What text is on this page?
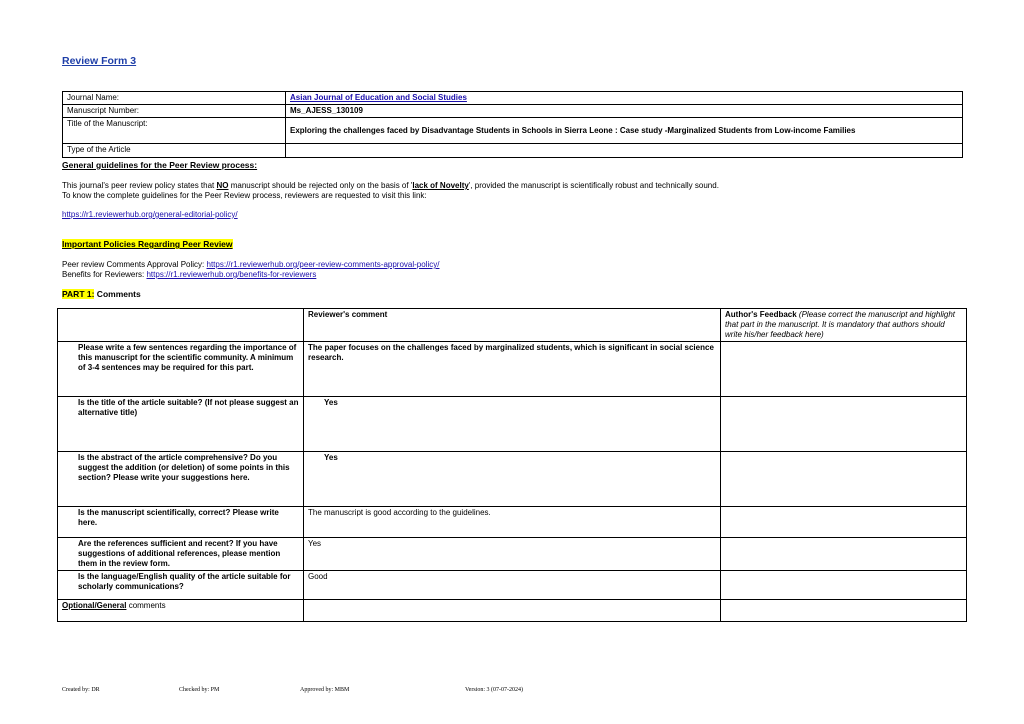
Review Form 3
Journal Name:	Asian Journal of Education and Social Studies
Manuscript Number:	Ms_AJESS_130109
Title of the Manuscript:	Exploring the challenges faced by Disadvantage Students in Schools in Sierra Leone : Case study -Marginalized Students from Low-income Families
Type of the Article	
General guidelines for the Peer Review process:
This journal's peer review policy states that NO manuscript should be rejected only on the basis of 'lack of Novelty', provided the manuscript is scientifically robust and technically sound.
To know the complete guidelines for the Peer Review process, reviewers are requested to visit this link:
https://r1.reviewerhub.org/general-editorial-policy/
Important Policies Regarding Peer Review
Peer review Comments Approval Policy: https://r1.reviewerhub.org/peer-review-comments-approval-policy/
Benefits for Reviewers: https://r1.reviewerhub.org/benefits-for-reviewers
PART 1: Comments
	Reviewer's comment	Author's Feedback (Please correct the manuscript and highlight that part in the manuscript. It is mandatory that authors should write his/her feedback here)
Please write a few sentences regarding the importance of this manuscript for the scientific community. A minimum of 3-4 sentences may be required for this part.	The paper focuses on the challenges faced by marginalized students, which is significant in social science research.	
Is the title of the article suitable? (If not please suggest an alternative title)	Yes	
Is the abstract of the article comprehensive? Do you suggest the addition (or deletion) of some points in this section? Please write your suggestions here.	Yes	
Is the manuscript scientifically, correct? Please write here.	The manuscript is good according to the guidelines.	
Are the references sufficient and recent? If you have suggestions of additional references, please mention them in the review form.	Yes	
Is the language/English quality of the article suitable for scholarly communications?	Good	
Optional/General comments		
Created by: DR	Checked by: PM	Approved by: MBM	Version: 3 (07-07-2024)
